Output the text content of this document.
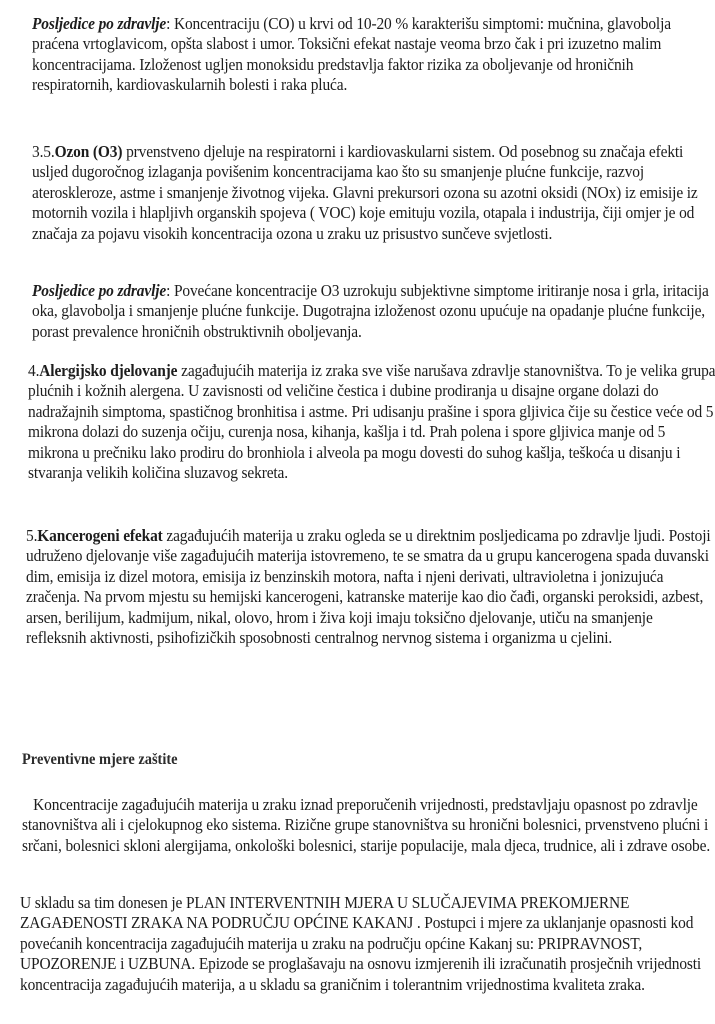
Posljedice po zdravlje: Koncentraciju (CO) u krvi od 10-20 % karakterišu simptomi: mučnina, glavobolja praćena vrtoglavicom, opšta slabost i umor. Toksični efekat nastaje veoma brzo čak i pri izuzetno malim koncentracijama. Izloženost ugljen monoksidu predstavlja faktor rizika za oboljevanje od hroničnih respiratornih, kardiovaskularnih bolesti i raka pluća.

3.5.Ozon (O3) prvenstveno djeluje na respiratorni i kardiovaskularni sistem. Od posebnog su značaja efekti usljed dugoročnog izlaganja povišenim koncentracijama kao što su smanjenje plućne funkcije, razvoj ateroskleroze, astme i smanjenje životnog vijeka. Glavni prekursori ozona su azotni oksidi (NOx) iz emisije iz motornih vozila i hlapljivh organskih spojeva ( VOC) koje emituju vozila, otapala i industrija, čiji omjer je od značaja za pojavu visokih koncentracija ozona u zraku uz prisustvo sunčeve svjetlosti.

Posljedice po zdravlje: Povećane koncentracije O3 uzrokuju subjektivne simptome iritiranje nosa i grla, iritacija oka, glavobolja i smanjenje plućne funkcije. Dugotrajna izloženost ozonu upućuje na opadanje plućne funkcije, porast prevalence hroničnih obstruktivnih oboljevanja.

4.Alergijsko djelovanje zagađujućih materija iz zraka sve više narušava zdravlje stanovništva. To je velika grupa plućnih i kožnih alergena. U zavisnosti od veličine čestica i dubine prodiranja u disajne organe dolazi do nadražajnih simptoma, spastičnog bronhitisa i astme. Pri udisanju prašine i spora gljivica čije su čestice veće od 5 mikrona dolazi do suzenja očiju, curenja nosa, kihanja, kašlja i td. Prah polena i spore gljivica manje od 5 mikrona u prečniku lako prodiru do bronhiola i alveola pa mogu dovesti do suhog kašlja, teškoća u disanju i stvaranja velikih količina sluzavog sekreta.

5.Kancerogeni efekat zagađujućih materija u zraku ogleda se u direktnim posljedicama po zdravlje ljudi. Postoji udruženo djelovanje više zagađujućih materija istovremeno, te se smatra da u grupu kancerogena spada duvanski dim, emisija iz dizel motora, emisija iz benzinskih motora, nafta i njeni derivati, ultravioletna i jonizujuća zračenja. Na prvom mjestu su hemijski kancerogeni, katranske materije kao dio čađi, organski peroksidi, azbest, arsen, berilijum, kadmijum, nikal, olovo, hrom i živa koji imaju toksično djelovanje, utiču na smanjenje refleksnih aktivnosti, psihofizičkih sposobnosti centralnog nervnog sistema i organizma u cjelini.

Preventivne mjere zaštite

Koncentracije zagađujućih materija u zraku iznad preporučenih vrijednosti, predstavljaju opasnost po zdravlje stanovništva ali i cjelokupnog eko sistema. Rizične grupe stanovništva su hronični bolesnici, prvenstveno plućni i srčani, bolesnici skloni alergijama, onkološki bolesnici, starije populacije, mala djeca, trudnice, ali i zdrave osobe.

U skladu sa tim donesen je PLAN INTERVENTNIH MJERA U SLUČAJEVIMA PREKOMJERNE ZAGAĐENOSTI ZRAKA NA PODRUČJU OPĆINE KAKANJ . Postupci i mjere za uklanjanje opasnosti kod povećanih koncentracija zagađujućih materija u zraku na području općine Kakanj su: PRIPRAVNOST, UPOZORENJE i UZBUNA. Epizode se proglašavaju na osnovu izmjerenih ili izračunatih prosječnih vrijednosti koncentracija zagađujućih materija, a u skladu sa graničnim i tolerantnim vrijednostima kvaliteta zraka.
